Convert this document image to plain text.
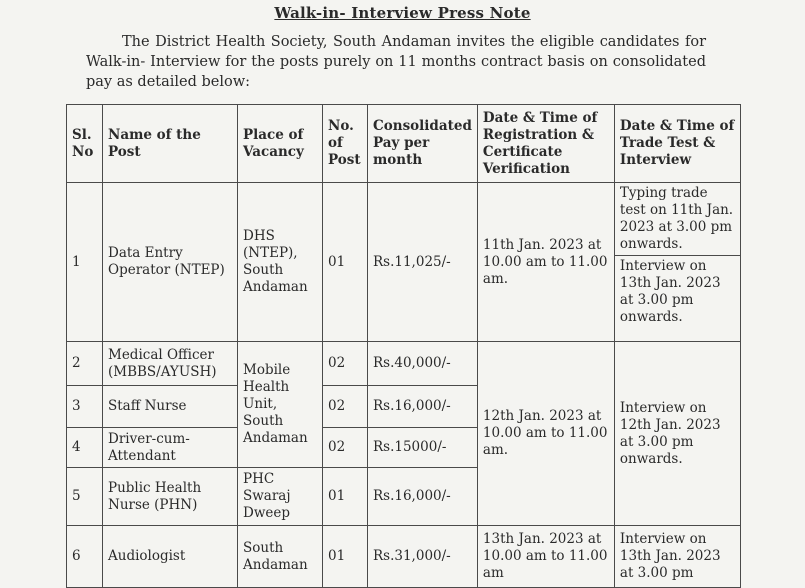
Walk-in- Interview Press Note
The District Health Society, South Andaman invites the eligible candidates for Walk-in- Interview for the posts purely on 11 months contract basis on consolidated pay as detailed below:
Sl. No	Name of the Post	Place of Vacancy	No. of Post	Consolidated Pay per month	Date & Time of Registration & Certificate Verification	Date & Time of Trade Test & Interview
1	Data Entry Operator (NTEP)	DHS (NTEP), South Andaman	01	Rs.11,025/-	11th Jan. 2023 at 10.00 am to 11.00 am.	Typing trade test on 11th Jan. 2023 at 3.00 pm onwards.
						Interview on 13th Jan. 2023 at 3.00 pm onwards.
2	Medical Officer (MBBS/AYUSH)	Mobile Health Unit, South Andaman	02	Rs.40,000/-	12th Jan. 2023 at 10.00 am to 11.00 am.	Interview on 12th Jan. 2023 at 3.00 pm onwards.
3	Staff Nurse		02	Rs.16,000/-		
4	Driver-cum-Attendant		02	Rs.15000/-		
5	Public Health Nurse (PHN)	PHC Swaraj Dweep	01	Rs.16,000/-		
6	Audiologist	South Andaman	01	Rs.31,000/-	13th Jan. 2023 at 10.00 am to 11.00 am	Interview on 13th Jan. 2023 at 3.00 pm
